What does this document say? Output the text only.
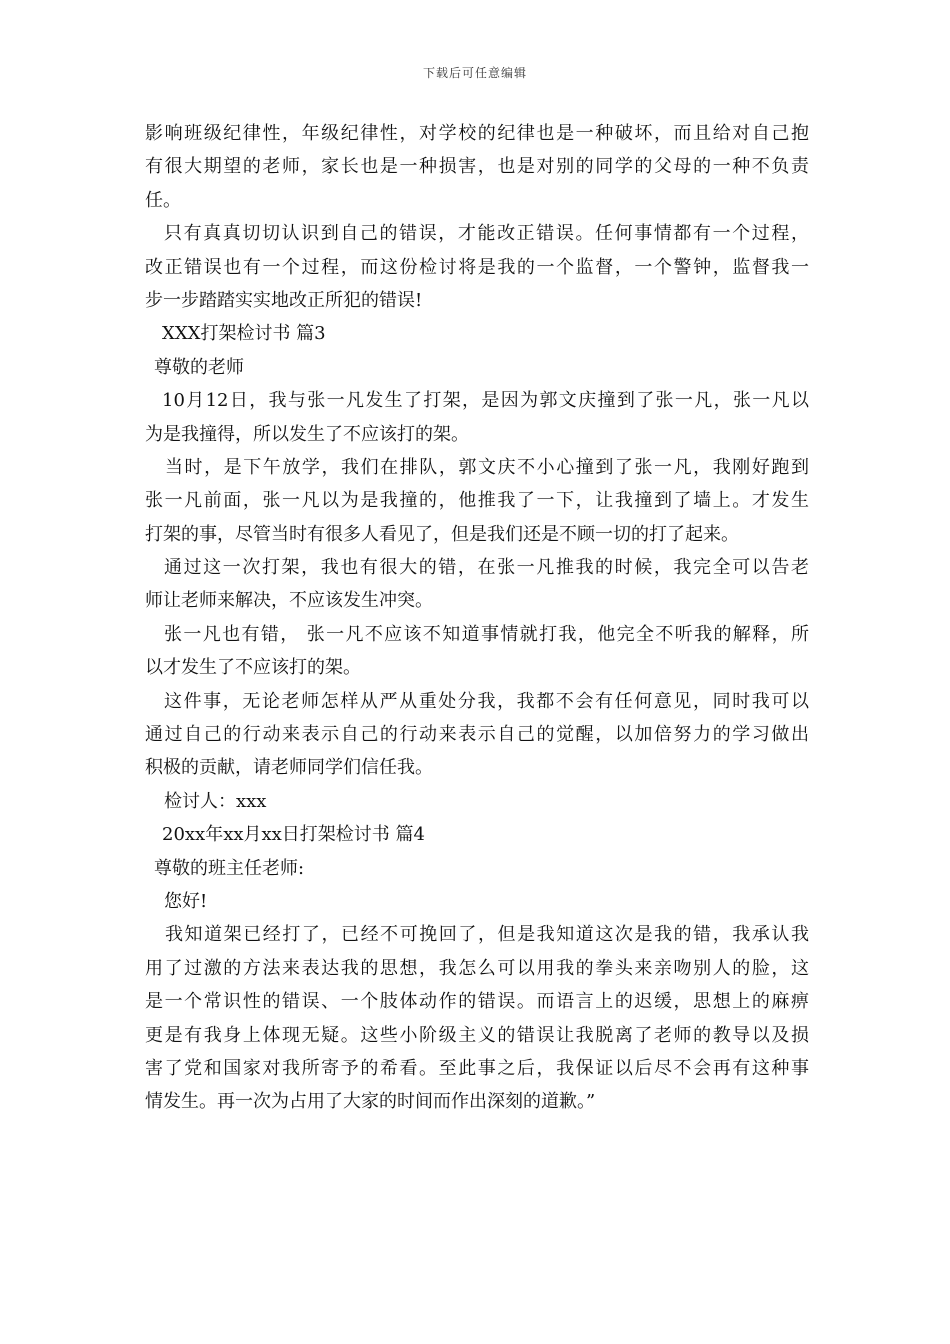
下载后可任意编辑
影响班级纪律性，年级纪律性，对学校的纪律也是一种破坏，而且给对自己抱
有很大期望的老师，家长也是一种损害，也是对别的同学的父母的一种不负责
任。
只有真真切切认识到自己的错误，才能改正错误。任何事情都有一个过程，
改正错误也有一个过程，而这份检讨将是我的一个监督，一个警钟，监督我一
步一步踏踏实实地改正所犯的错误!
XXX打架检讨书 篇3
尊敬的老师
10月12日，我与张一凡发生了打架，是因为郭文庆撞到了张一凡，张一凡以
为是我撞得，所以发生了不应该打的架。
当时，是下午放学，我们在排队，郭文庆不小心撞到了张一凡，我刚好跑到
张一凡前面，张一凡以为是我撞的，他推我了一下，让我撞到了墙上。才发生
打架的事，尽管当时有很多人看见了，但是我们还是不顾一切的打了起来。
通过这一次打架，我也有很大的错，在张一凡推我的时候，我完全可以告老
师让老师来解决，不应该发生冲突。
张一凡也有错， 张一凡不应该不知道事情就打我，他完全不听我的解释，所
以才发生了不应该打的架。
这件事，无论老师怎样从严从重处分我，我都不会有任何意见，同时我可以
通过自己的行动来表示自己的行动来表示自己的觉醒，以加倍努力的学习做出
积极的贡献，请老师同学们信任我。
检讨人：xxx
20xx年xx月xx日打架检讨书 篇4
尊敬的班主任老师:
您好!
我知道架已经打了，已经不可挽回了，但是我知道这次是我的错，我承认我
用了过激的方法来表达我的思想，我怎么可以用我的拳头来亲吻别人的脸，这
是一个常识性的错误、一个肢体动作的错误。而语言上的迟缓，思想上的麻痹
更是有我身上体现无疑。这些小阶级主义的错误让我脱离了老师的教导以及损
害了党和国家对我所寄予的希看。至此事之后，我保证以后尽不会再有这种事
情发生。再一次为占用了大家的时间而作出深刻的道歉。”
